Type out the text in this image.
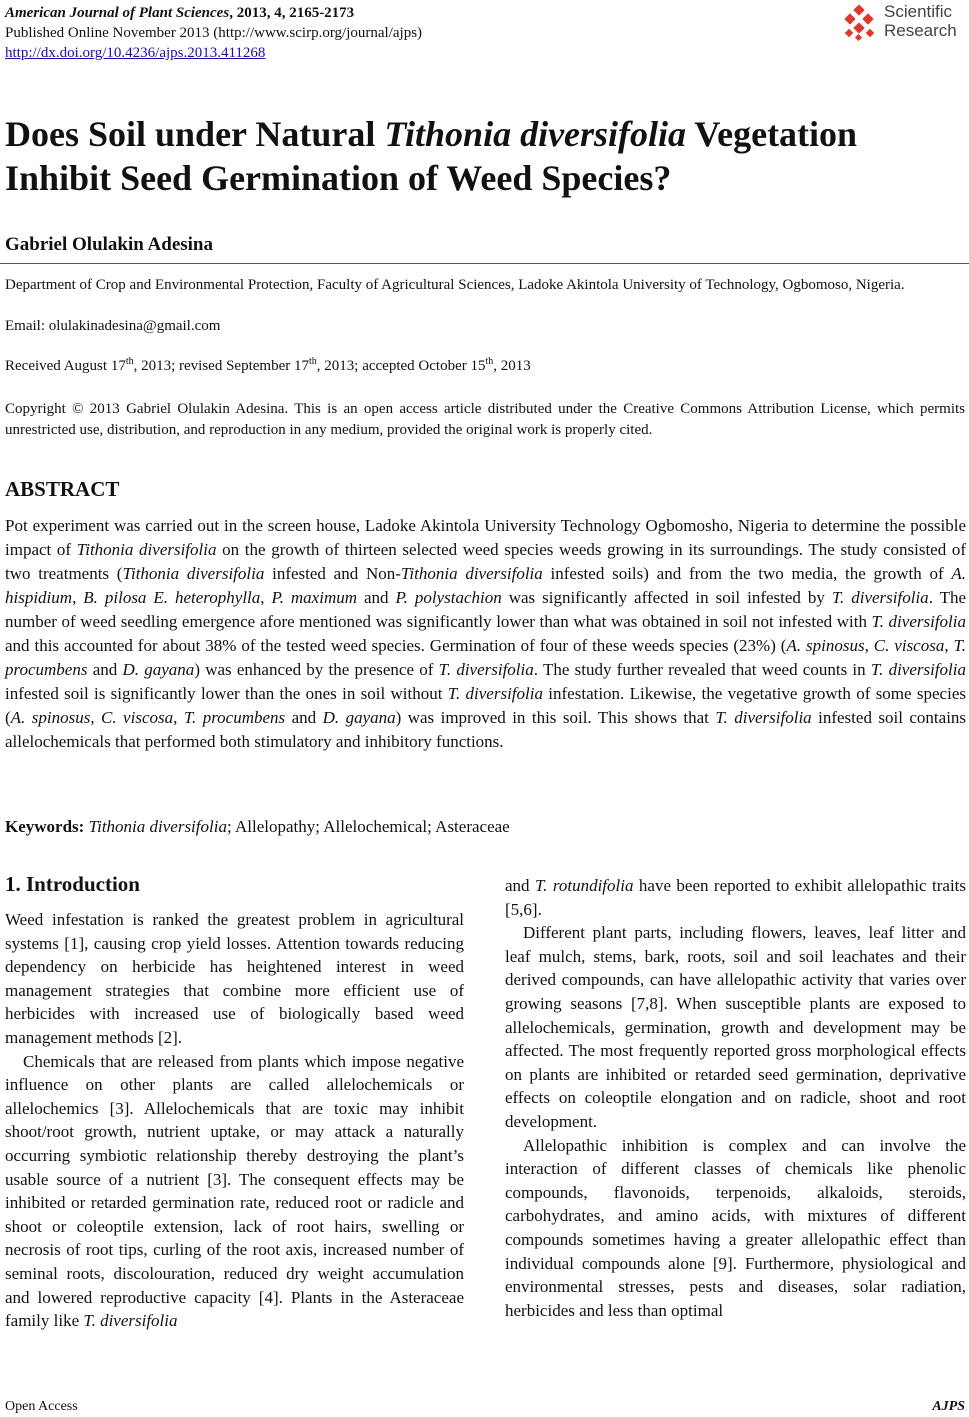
American Journal of Plant Sciences, 2013, 4, 2165-2173
Published Online November 2013 (http://www.scirp.org/journal/ajps)
http://dx.doi.org/10.4236/ajps.2013.411268
Scientific
Research
Does Soil under Natural Tithonia diversifolia Vegetation Inhibit Seed Germination of Weed Species?
Gabriel Olulakin Adesina
Department of Crop and Environmental Protection, Faculty of Agricultural Sciences, Ladoke Akintola University of Technology, Ogbomoso, Nigeria.
Email: olulakinadesina@gmail.com
Received August 17th, 2013; revised September 17th, 2013; accepted October 15th, 2013
Copyright © 2013 Gabriel Olulakin Adesina. This is an open access article distributed under the Creative Commons Attribution License, which permits unrestricted use, distribution, and reproduction in any medium, provided the original work is properly cited.
ABSTRACT
Pot experiment was carried out in the screen house, Ladoke Akintola University Technology Ogbomosho, Nigeria to determine the possible impact of Tithonia diversifolia on the growth of thirteen selected weed species weeds growing in its surroundings. The study consisted of two treatments (Tithonia diversifolia infested and Non-Tithonia diversifolia infested soils) and from the two media, the growth of A. hispidium, B. pilosa E. heterophylla, P. maximum and P. polystachion was significantly affected in soil infested by T. diversifolia. The number of weed seedling emergence afore mentioned was significantly lower than what was obtained in soil not infested with T. diversifolia and this accounted for about 38% of the tested weed species. Germination of four of these weeds species (23%) (A. spinosus, C. viscosa, T. procumbens and D. gayana) was enhanced by the presence of T. diversifolia. The study further revealed that weed counts in T. diversifolia infested soil is significantly lower than the ones in soil without T. diversifolia infestation. Likewise, the vegetative growth of some species (A. spinosus, C. viscosa, T. procumbens and D. gayana) was improved in this soil. This shows that T. diversifolia infested soil contains allelochemicals that performed both stimulatory and inhibitory functions.
Keywords: Tithonia diversifolia; Allelopathy; Allelochemical; Asteraceae
1. Introduction

Weed infestation is ranked the greatest problem in agricultural systems [1], causing crop yield losses. Attention towards reducing dependency on herbicide has heightened interest in weed management strategies that combine more efficient use of herbicides with increased use of biologically based weed management methods [2].

Chemicals that are released from plants which impose negative influence on other plants are called allelochemicals or allelochemics [3]. Allelochemicals that are toxic may inhibit shoot/root growth, nutrient uptake, or may attack a naturally occurring symbiotic relationship thereby destroying the plant’s usable source of a nutrient [3]. The consequent effects may be inhibited or retarded germination rate, reduced root or radicle and shoot or coleoptile extension, lack of root hairs, swelling or necrosis of root tips, curling of the root axis, increased number of seminal roots, discolouration, reduced dry weight accumulation and lowered reproductive capacity [4]. Plants in the Asteraceae family like T. diversifolia

and T. rotundifolia have been reported to exhibit allelopathic traits [5,6].

Different plant parts, including flowers, leaves, leaf litter and leaf mulch, stems, bark, roots, soil and soil leachates and their derived compounds, can have allelopathic activity that varies over growing seasons [7,8]. When susceptible plants are exposed to allelochemicals, germination, growth and development may be affected. The most frequently reported gross morphological effects on plants are inhibited or retarded seed germination, deprivative effects on coleoptile elongation and on radicle, shoot and root development.

Allelopathic inhibition is complex and can involve the interaction of different classes of chemicals like phenolic compounds, flavonoids, terpenoids, alkaloids, steroids, carbohydrates, and amino acids, with mixtures of different compounds sometimes having a greater allelopathic effect than individual compounds alone [9]. Furthermore, physiological and environmental stresses, pests and diseases, solar radiation, herbicides and less than optimal

Open Access	AJPS
